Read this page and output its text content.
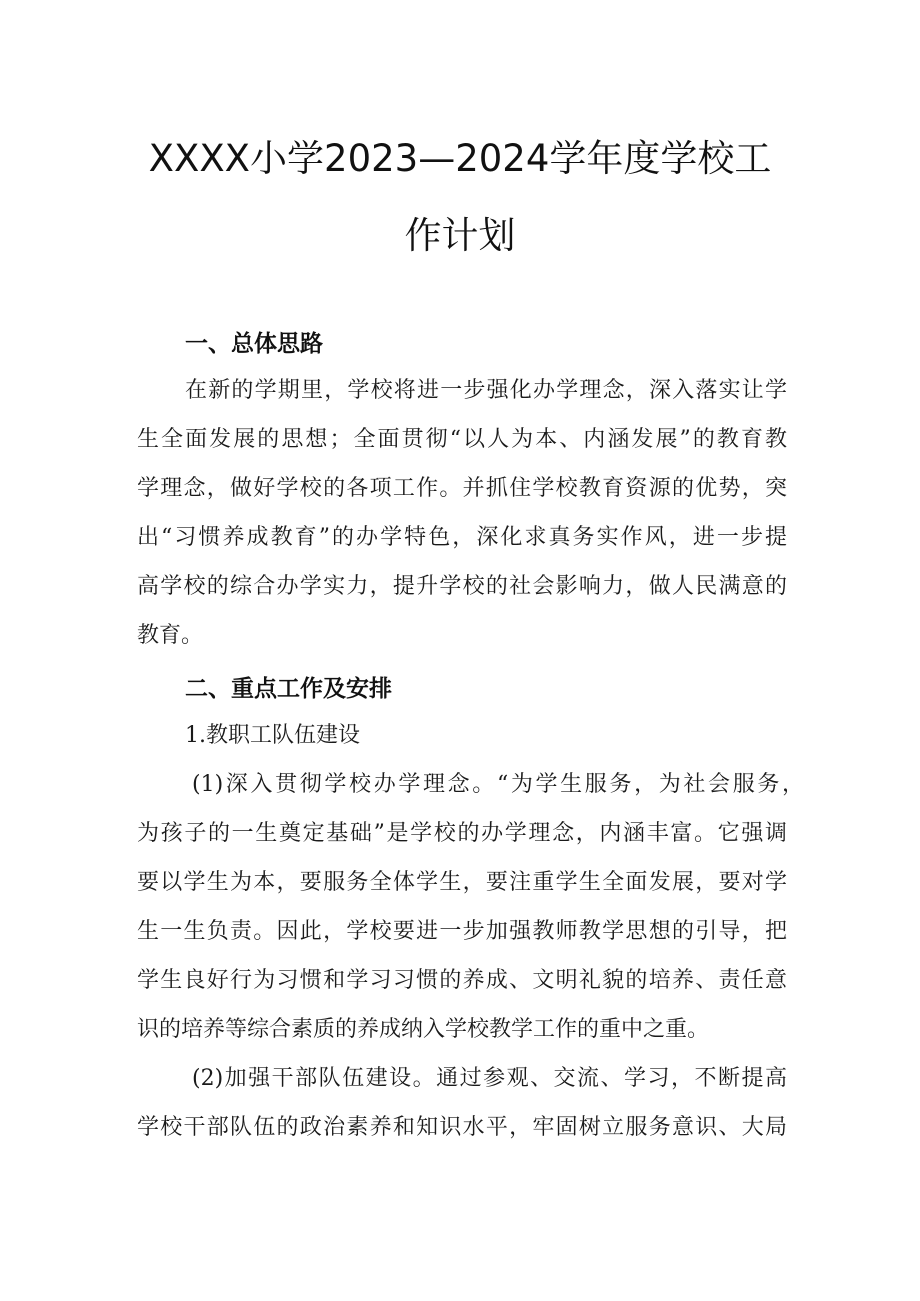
XXXX小学2023—2024学年度学校工
作计划
一、总体思路
在新的学期里，学校将进一步强化办学理念，深入落实让学
生全面发展的思想；全面贯彻“以人为本、内涵发展”的教育教
学理念，做好学校的各项工作。并抓住学校教育资源的优势，突
出“习惯养成教育”的办学特色，深化求真务实作风，进一步提
高学校的综合办学实力，提升学校的社会影响力，做人民满意的
教育。
二、重点工作及安排
1.教职工队伍建设
(1)深入贯彻学校办学理念。“为学生服务，为社会服务，
为孩子的一生奠定基础”是学校的办学理念，内涵丰富。它强调
要以学生为本，要服务全体学生，要注重学生全面发展，要对学
生一生负责。因此，学校要进一步加强教师教学思想的引导，把
学生良好行为习惯和学习习惯的养成、文明礼貌的培养、责任意
识的培养等综合素质的养成纳入学校教学工作的重中之重。
(2)加强干部队伍建设。通过参观、交流、学习，不断提高
学校干部队伍的政治素养和知识水平，牢固树立服务意识、大局
